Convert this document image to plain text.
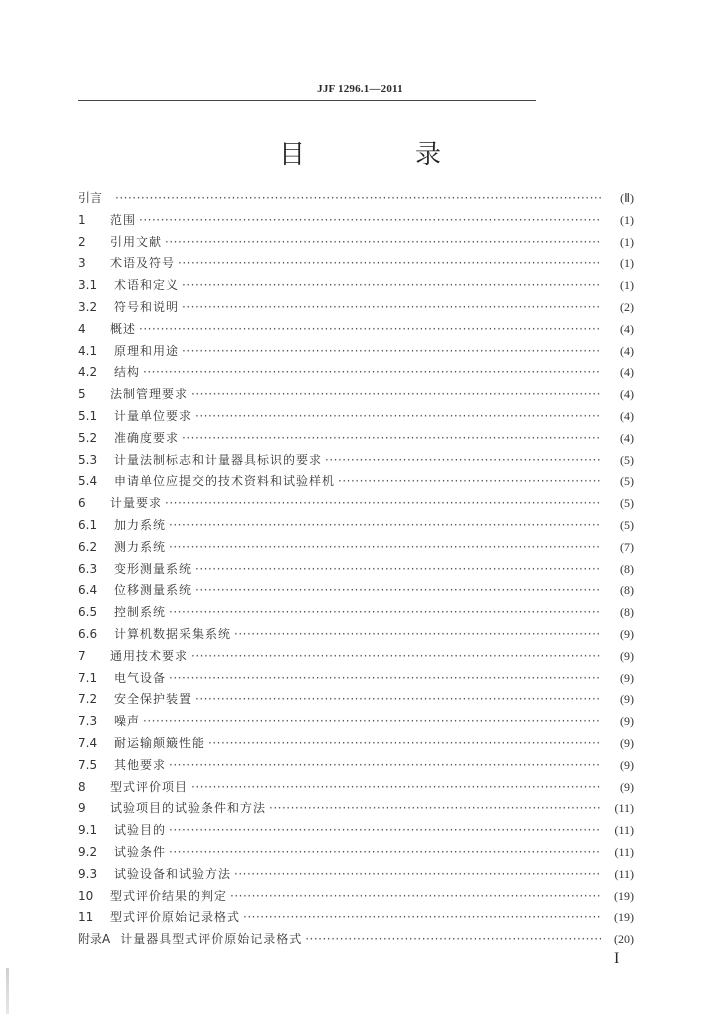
JJF 1296.1—2011
目　录
引言 ·····	(Ⅱ)
1	范围 ·····	(1)
2	引用文献 ·····	(1)
3	术语及符号 ·····	(1)
3.1	术语和定义 ·····	(1)
3.2	符号和说明 ·····	(2)
4	概述 ·····	(4)
4.1	原理和用途 ·····	(4)
4.2	结构 ·····	(4)
5	法制管理要求 ·····	(4)
5.1	计量单位要求 ·····	(4)
5.2	准确度要求 ·····	(4)
5.3	计量法制标志和计量器具标识的要求 ·····	(5)
5.4	申请单位应提交的技术资料和试验样机 ·····	(5)
6	计量要求 ·····	(5)
6.1	加力系统 ·····	(5)
6.2	测力系统 ·····	(7)
6.3	变形测量系统 ·····	(8)
6.4	位移测量系统 ·····	(8)
6.5	控制系统 ·····	(8)
6.6	计算机数据采集系统 ·····	(9)
7	通用技术要求 ·····	(9)
7.1	电气设备 ·····	(9)
7.2	安全保护装置 ·····	(9)
7.3	噪声 ·····	(9)
7.4	耐运输颠簸性能 ·····	(9)
7.5	其他要求 ·····	(9)
8	型式评价项目 ·····	(9)
9	试验项目的试验条件和方法 ·····	(11)
9.1	试验目的 ·····	(11)
9.2	试验条件 ·····	(11)
9.3	试验设备和试验方法 ·····	(11)
10	型式评价结果的判定 ·····	(19)
11	型式评价原始记录格式 ·····	(19)
附录A 计量器具型式评价原始记录格式 ·····	(20)
I
